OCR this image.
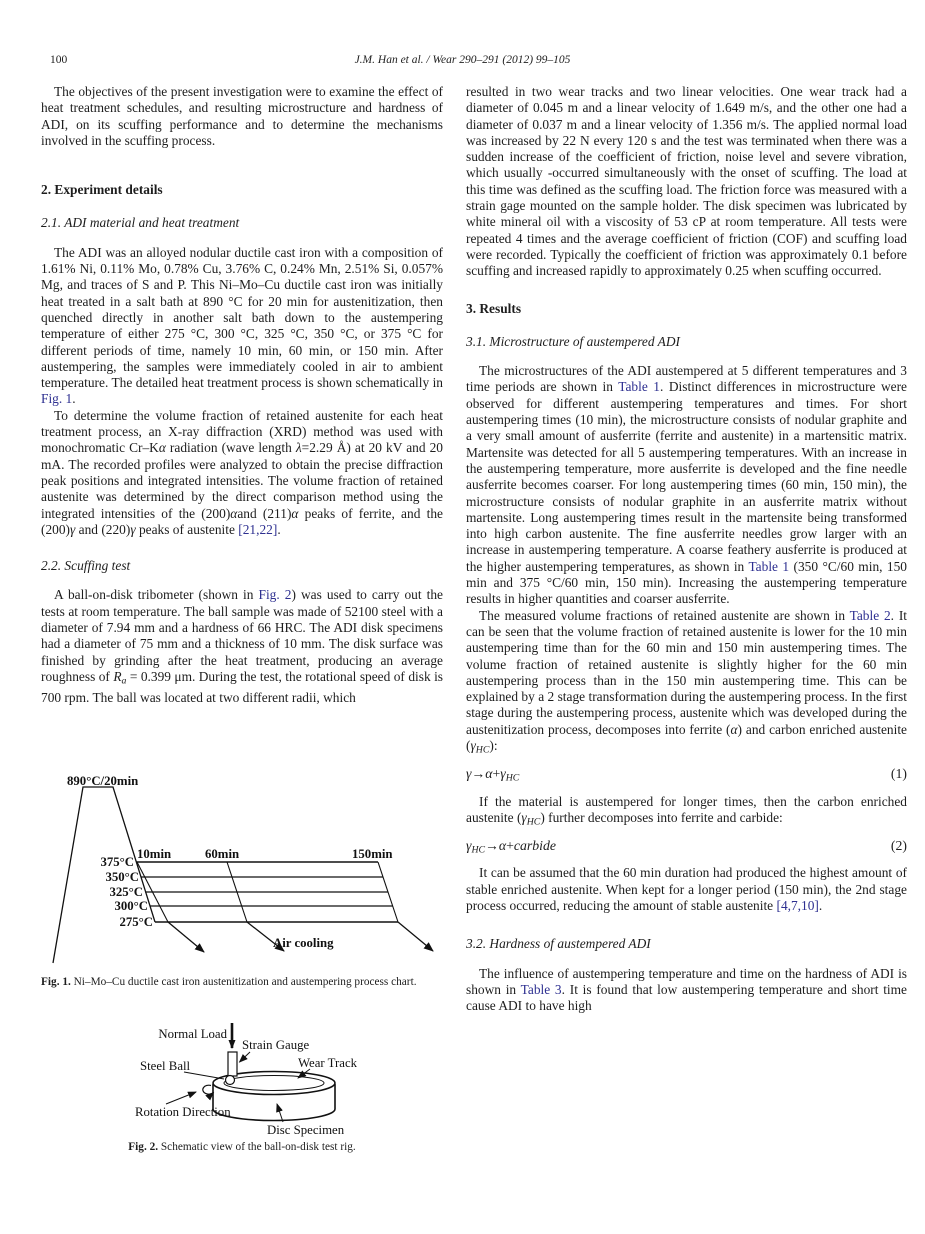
100	J.M. Han et al. / Wear 290–291 (2012) 99–105

The objectives of the present investigation were to examine the effect of heat treatment schedules, and resulting microstructure and hardness of ADI, on its scuffing performance and to determine the mechanisms involved in the scuffing process.

2. Experiment details
2.1. ADI material and heat treatment

The ADI was an alloyed nodular ductile cast iron with a composition of 1.61% Ni, 0.11% Mo, 0.78% Cu, 3.76% C, 0.24% Mn, 2.51% Si, 0.057% Mg, and traces of S and P. This Ni–Mo–Cu ductile cast iron was initially heat treated in a salt bath at 890 °C for 20 min for austenitization, then quenched directly in another salt bath down to the austempering temperature of either 275 °C, 300 °C, 325 °C, 350 °C, or 375 °C for different periods of time, namely 10 min, 60 min, or 150 min. After austempering, the samples were immediately cooled in air to ambient temperature. The detailed heat treatment process is shown schematically in Fig. 1.

To determine the volume fraction of retained austenite for each heat treatment process, an X-ray diffraction (XRD) method was used with monochromatic Cr–Kα radiation (wave length λ=2.29 Å) at 20 kV and 20 mA. The recorded profiles were analyzed to obtain the precise diffraction peak positions and integrated intensities. The volume fraction of retained austenite was determined by the direct comparison method using the integrated intensities of the (200)αand (211)α peaks of ferrite, and the (200)γ and (220)γ peaks of austenite [21,22].

2.2. Scuffing test

A ball-on-disk tribometer (shown in Fig. 2) was used to carry out the tests at room temperature. The ball sample was made of 52100 steel with a diameter of 7.94 mm and a hardness of 66 HRC. The ADI disk specimens had a diameter of 75 mm and a thickness of 10 mm. The disk surface was finished by grinding after the heat treatment, producing an average roughness of Ra = 0.399 μm. During the test, the rotational speed of disk is 700 rpm. The ball was located at two different radii, which

890°C/20min
375°C
350°C
325°C
300°C
275°C
10min	60min	150min
Air cooling
Fig. 1. Ni–Mo–Cu ductile cast iron austenitization and austempering process chart.
Normal Load
Strain Gauge
Steel Ball	Wear Track
Rotation Direction
Disc Specimen
Fig. 2. Schematic view of the ball-on-disk test rig.

resulted in two wear tracks and two linear velocities. One wear track had a diameter of 0.045 m and a linear velocity of 1.649 m/s, and the other one had a diameter of 0.037 m and a linear velocity of 1.356 m/s. The applied normal load was increased by 22 N every 120 s and the test was terminated when there was a sudden increase of the coefficient of friction, noise level and severe vibration, which usually -occurred simultaneously with the onset of scuffing. The load at this time was defined as the scuffing load. The friction force was measured with a strain gage mounted on the sample holder. The disk specimen was lubricated by white mineral oil with a viscosity of 53 cP at room temperature. All tests were repeated 4 times and the average coefficient of friction (COF) and scuffing load were recorded. Typically the coefficient of friction was approximately 0.1 before scuffing and increased rapidly to approximately 0.25 when scuffing occurred.

3. Results
3.1. Microstructure of austempered ADI

The microstructures of the ADI austempered at 5 different temperatures and 3 time periods are shown in Table 1. Distinct differences in microstructure were observed for different austempering temperatures and times. For short austempering times (10 min), the microstructure consists of nodular graphite and a very small amount of ausferrite (ferrite and austenite) in a martensitic matrix. Martensite was detected for all 5 austempering temperatures. With an increase in the austempering temperature, more ausferrite is developed and the fine needle ausferrite becomes coarser. For long austempering times (60 min, 150 min), the microstructure consists of nodular graphite in an ausferrite matrix without martensite. Long austempering times result in the martensite being transformed into high carbon austenite. The fine ausferrite needles grow larger with an increase in austempering temperature. A coarse feathery ausferrite is produced at the higher austempering temperatures, as shown in Table 1 (350 °C/60 min, 150 min and 375 °C/60 min, 150 min). Increasing the austempering temperature results in higher quantities and coarser ausferrite.

The measured volume fractions of retained austenite are shown in Table 2. It can be seen that the volume fraction of retained austenite is lower for the 10 min austempering time than for the 60 min and 150 min austempering times. The volume fraction of retained austenite is slightly higher for the 60 min austempering process than in the 150 min austempering time. This can be explained by a 2 stage transformation during the austempering process. In the first stage during the austempering process, austenite which was developed during the austenitization process, decomposes into ferrite (α) and carbon enriched austenite (γHC):

γ→α+γHC	(1)

If the material is austempered for longer times, then the carbon enriched austenite (γHC) further decomposes into ferrite and carbide:

γHC→α+carbide	(2)

It can be assumed that the 60 min duration had produced the highest amount of stable enriched austenite. When kept for a longer period (150 min), the 2nd stage process occurred, reducing the amount of stable austenite [4,7,10].

3.2. Hardness of austempered ADI

The influence of austempering temperature and time on the hardness of ADI is shown in Table 3. It is found that low austempering temperature and short time cause ADI to have high
